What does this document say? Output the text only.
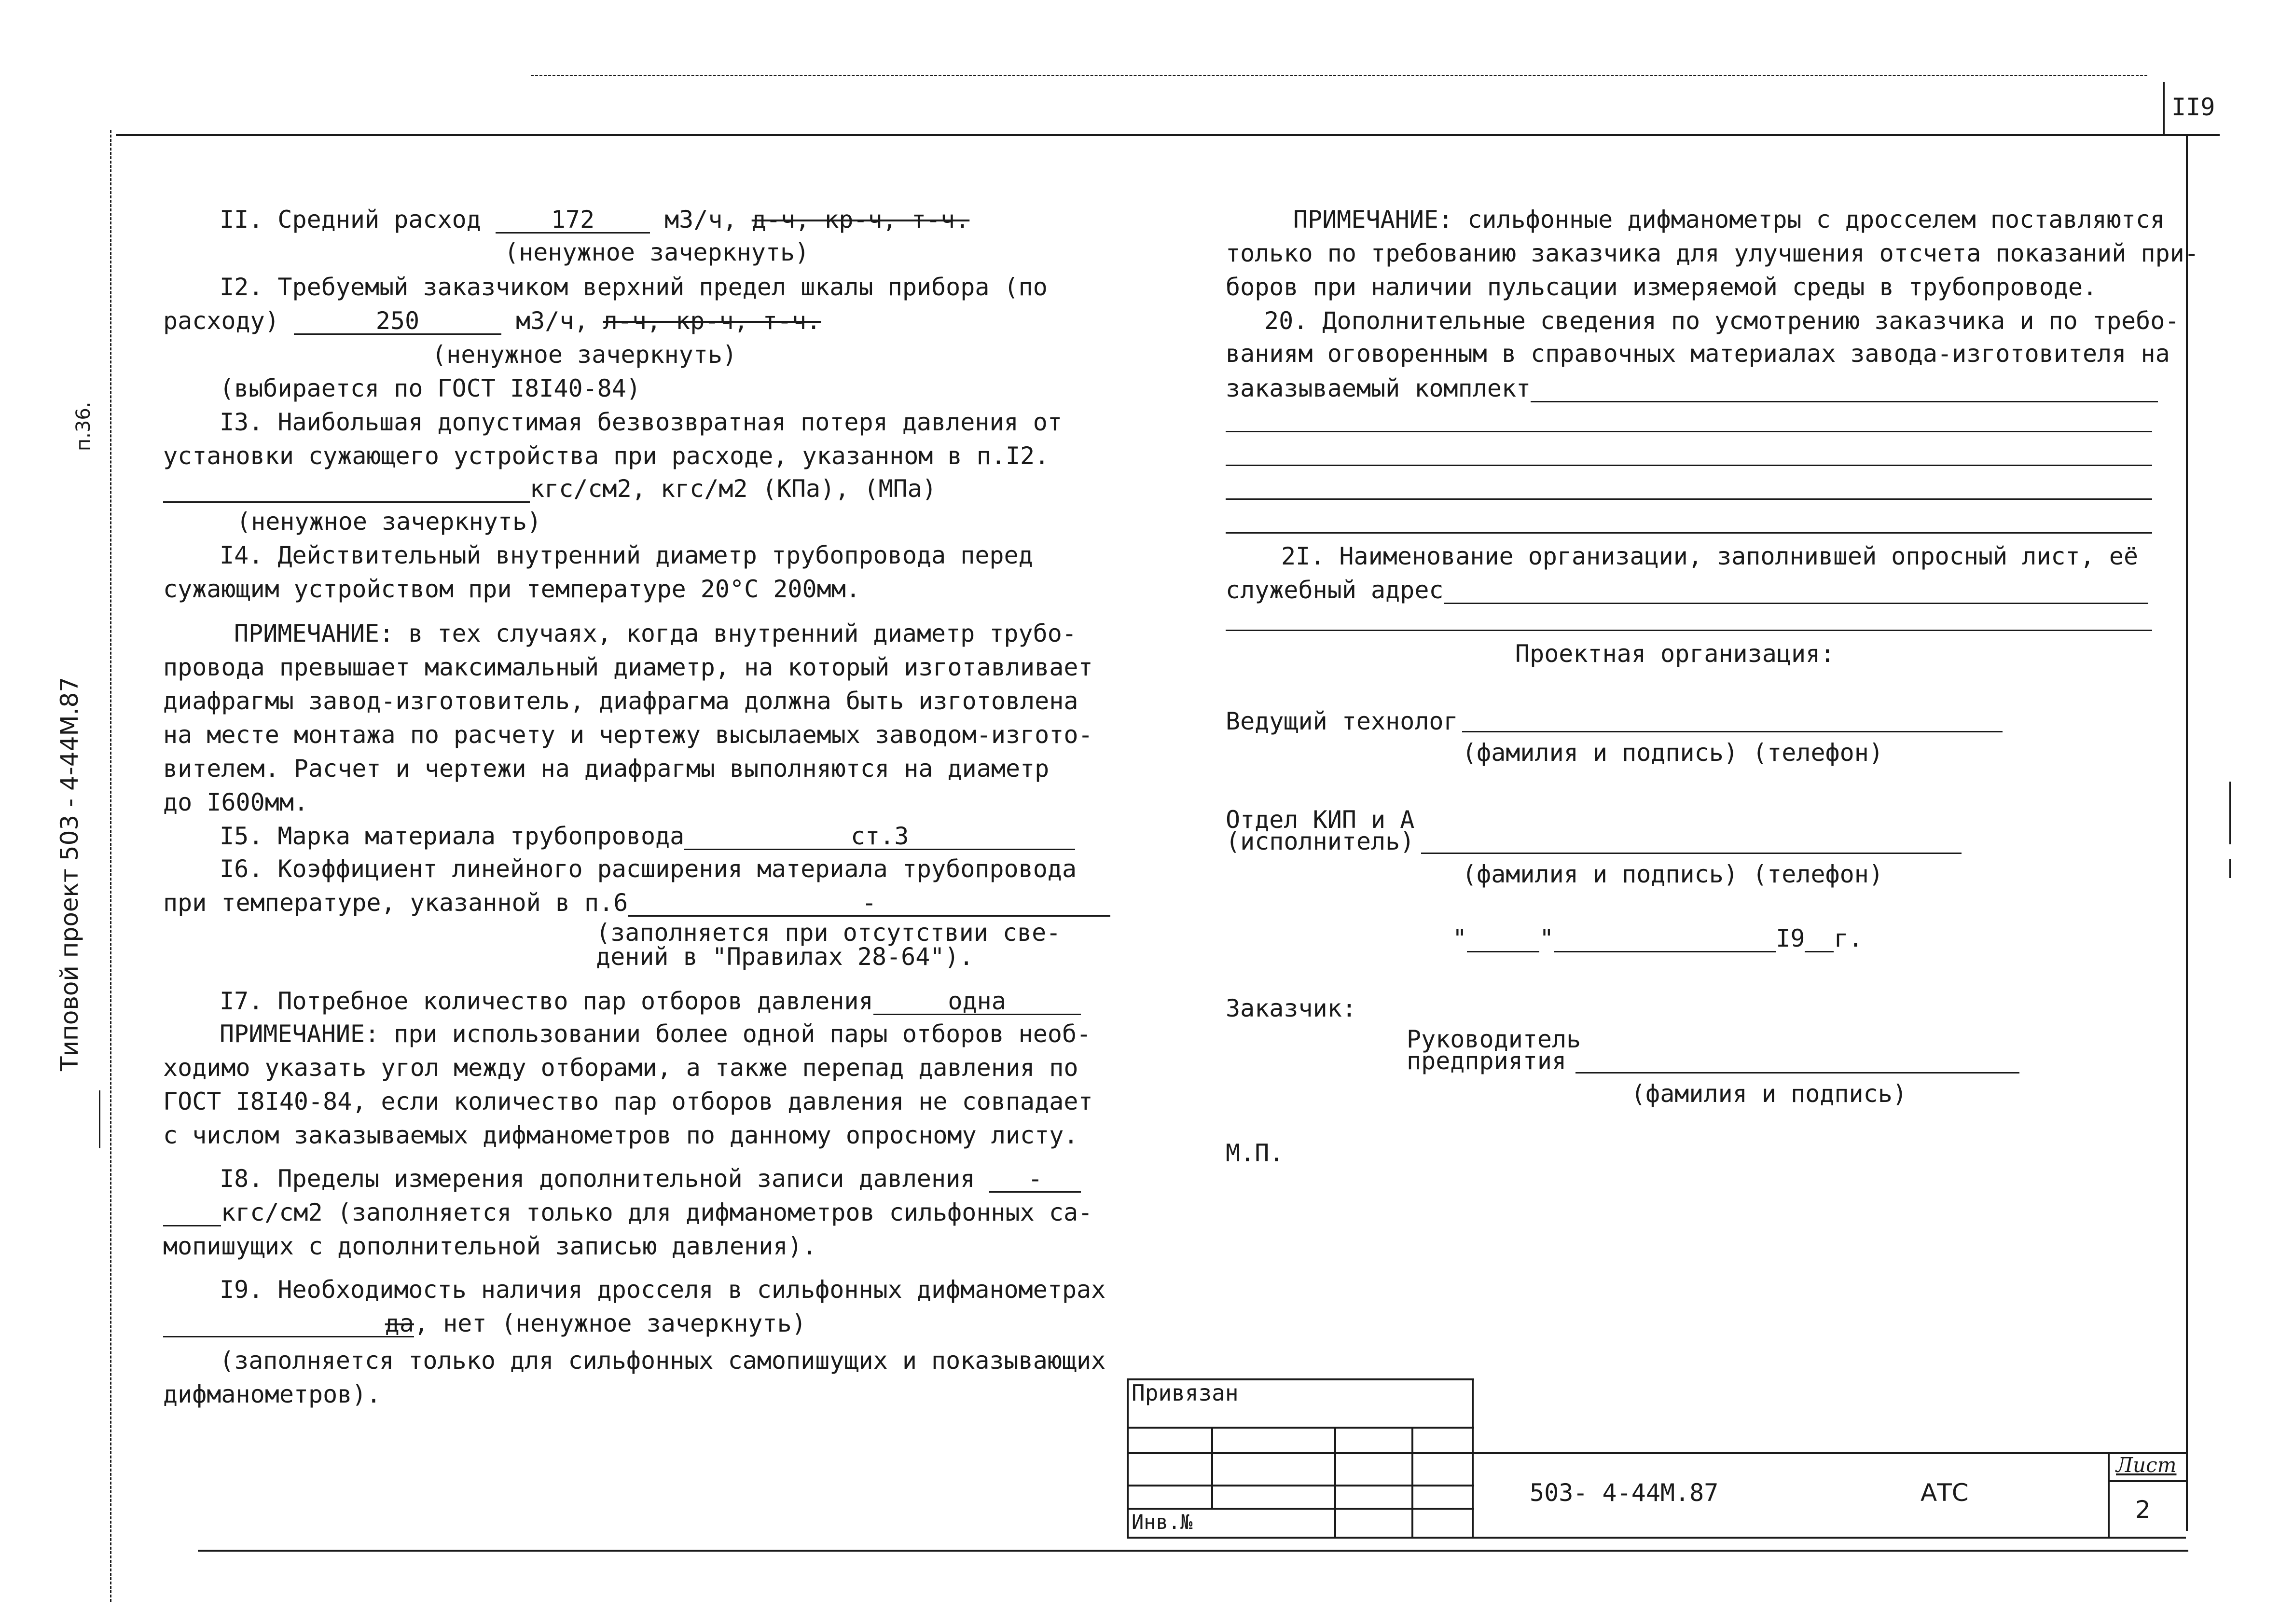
II9
Типовой проект 503 - 4-44М.87
п.36.
II. Средний расход	172	м3/ч, д-ч, кр-ч, т-ч.
(ненужное зачеркнуть)
I2. Требуемый заказчиком верхний предел шкалы прибора (по
расходу)	250	м3/ч, л-ч, кр-ч, т-ч.
(ненужное зачеркнуть)
(выбирается по ГОСТ I8I40-84)
I3. Наибольшая допустимая безвозвратная потеря давления от
установки сужающего устройства при расходе, указанном в п.I2.
кгс/см2, кгс/м2 (КПа), (МПа)
(ненужное зачеркнуть)
I4. Действительный внутренний диаметр трубопровода перед
сужающим устройством при температуре 20°С 200мм.
ПРИМЕЧАНИЕ: в тех случаях, когда внутренний диаметр трубо-
провода превышает максимальный диаметр, на который изготавливает
диафрагмы завод-изготовитель, диафрагма должна быть изготовлена
на месте монтажа по расчету и чертежу высылаемых заводом-изгото-
вителем. Расчет и чертежи на диафрагмы выполняются на диаметр
до I600мм.
I5. Марка материала трубопровода	ст.3
I6. Коэффициент линейного расширения материала трубопровода
при температуре, указанной в п.6	-
(заполняется при отсутствии све-
дений в "Правилах 28-64").
I7. Потребное количество пар отборов давления	одна
ПРИМЕЧАНИЕ: при использовании более одной пары отборов необ-
ходимо указать угол между отборами, а также перепад давления по
ГОСТ I8I40-84, если количество пар отборов давления не совпадает
с числом заказываемых дифманометров по данному опросному листу.
I8. Пределы измерения дополнительной записи давления -
кгс/см2 (заполняется только для дифманометров сильфонных са-
мопишущих с дополнительной записью давления).
I9. Необходимость наличия дросселя в сильфонных дифманометрах
да, нет (ненужное зачеркнуть)
(заполняется только для сильфонных самопишущих и показывающих
дифманометров).
ПРИМЕЧАНИЕ: сильфонные дифманометры с дросселем поставляются
только по требованию заказчика для улучшения отсчета показаний при-
боров при наличии пульсации измеряемой среды в трубопроводе.
20. Дополнительные сведения по усмотрению заказчика и по требо-
ваниям оговоренным в справочных материалах завода-изготовителя на
заказываемый комплект
2I. Наименование организации, заполнившей опросный лист, её
служебный адрес
Проектная организация:
Ведущий технолог
(фамилия и подпись) (телефон)
Отдел КИП и А
(исполнитель)
(фамилия и подпись) (телефон)
"	"	I9 г.
Заказчик:
Руководитель
предприятия
(фамилия и подпись)
М.П.
Привязан
Инв.№
503- 4-44М.87	АТС
Лист
2
